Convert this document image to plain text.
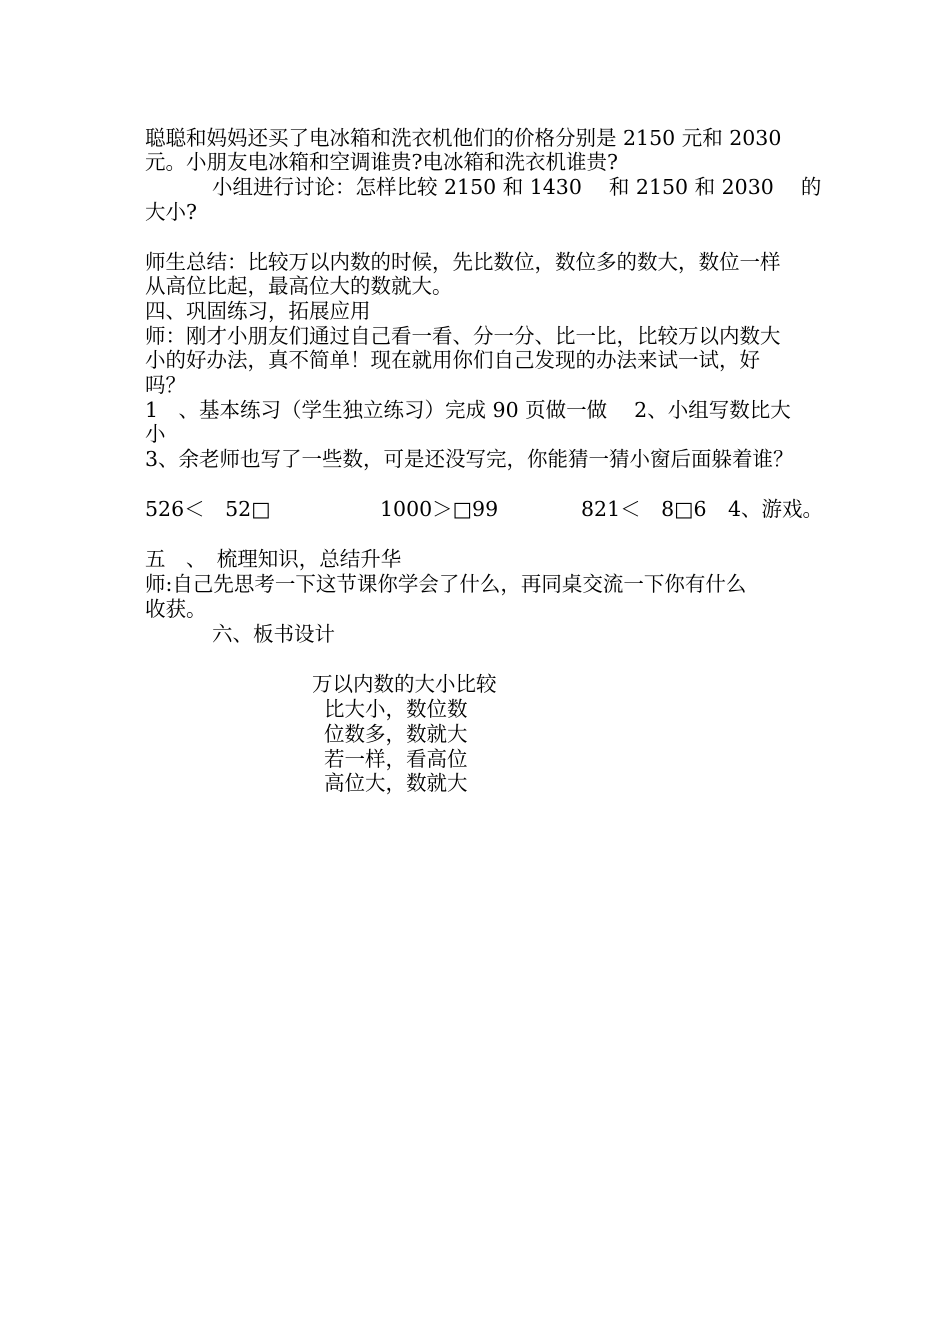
聪聪和妈妈还买了电冰箱和洗衣机他们的价格分别是 2150 元和 2030
元。小朋友电冰箱和空调谁贵?电冰箱和洗衣机谁贵?
小组进行讨论：怎样比较 2150 和 1430　 和 2150 和 2030　 的
大小?
师生总结：比较万以内数的时候，先比数位，数位多的数大，数位一样
从高位比起，最高位大的数就大。
四、巩固练习，拓展应用
师：刚才小朋友们通过自己看一看、分一分、比一比，比较万以内数大
小的好办法，真不简单！现在就用你们自己发现的办法来试一试，好
吗？
1　、基本练习（学生独立练习）完成 90 页做一做　 2、小组写数比大
小
3、余老师也写了一些数，可是还没写完，你能猜一猜小窗后面躲着谁？
526＜　52□	1000＞□99	821＜　8□6 4、游戏。
五　、　梳理知识，总结升华
师:自己先思考一下这节课你学会了什么，再同桌交流一下你有什么
收获。
六、板书设计
万以内数的大小比较
比大小，数位数
位数多，数就大
若一样，看高位
高位大，数就大
